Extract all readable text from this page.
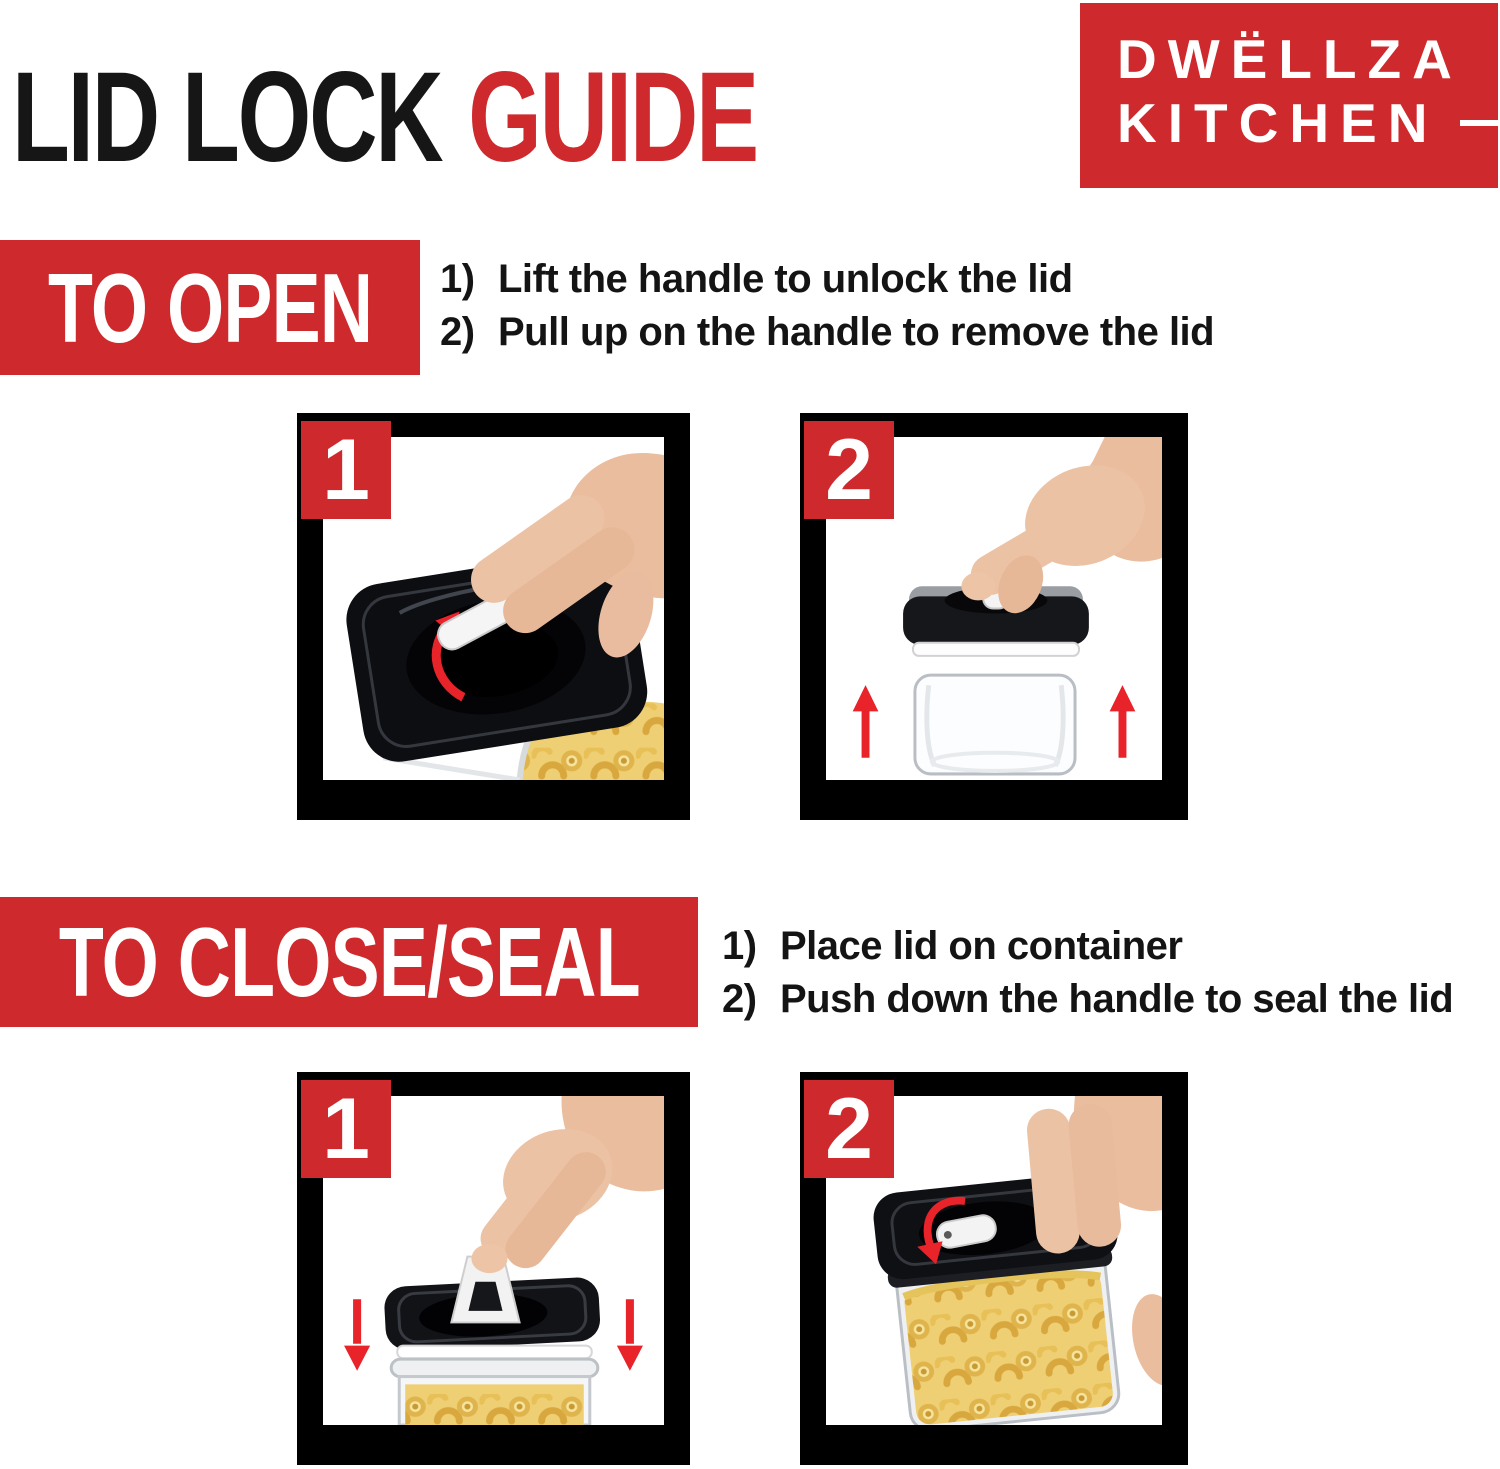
LID LOCK GUIDE	DWËLLZA
KITCHEN
TO OPEN 1) Lift the handle to unlock the lid
2) Pull up on the handle to remove the lid
1	2
TO CLOSE/SEAL 1) Place lid on container
2) Push down the handle to seal the lid
1	2
